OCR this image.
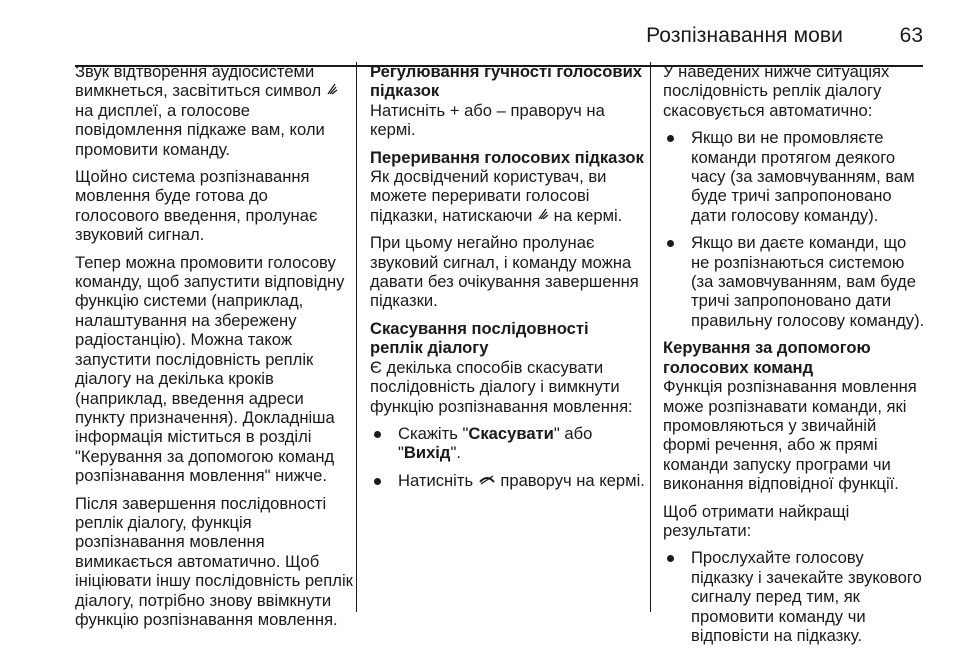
Розпізнавання мови	63

Звук відтворення аудіосистеми вимкнеться, засвітиться символ  на дисплеї, а голосове повідомлення підкаже вам, коли промовити команду.

Щойно система розпізнавання мовлення буде готова до голосового введення, пролунає звуковий сигнал.

Тепер можна промовити голосову команду, щоб запустити відповідну функцію системи (наприклад, налаштування на збережену радіостанцію). Можна також запустити послідовність реплік діалогу на декілька кроків (наприклад, введення адреси пункту призначення). Докладніша інформація міститься в розділі "Керування за допомогою команд розпізнавання мовлення" нижче.

Після завершення послідовності реплік діалогу, функція розпізнавання мовлення вимикається автоматично. Щоб ініціювати іншу послідовність реплік діалогу, потрібно знову ввімкнути функцію розпізнавання мовлення.

Регулювання гучності голосових підказок

Натисніть + або – праворуч на кермі.

Переривання голосових підказок

Як досвідчений користувач, ви можете переривати голосові підказки, натискаючи на кермі.

При цьому негайно пролунає звуковий сигнал, і команду можна давати без очікування завершення підказки.

Скасування послідовності реплік діалогу

Є декілька способів скасувати послідовність діалогу і вимкнути функцію розпізнавання мовлення:

Скажіть "Скасувати" або "Вихід".
Натисніть праворуч на кермі.

У наведених нижче ситуаціях послідовність реплік діалогу скасовується автоматично:

Якщо ви не промовляєте команди протягом деякого часу (за замовчуванням, вам буде тричі запропоновано дати голосову команду).
Якщо ви даєте команди, що не розпізнаються системою (за замовчуванням, вам буде тричі запропоновано дати правильну голосову команду).
Керування за допомогою голосових команд

Функція розпізнавання мовлення може розпізнавати команди, які промовляються у звичайній формі речення, або ж прямі команди запуску програми чи виконання відповідної функції.

Щоб отримати найкращі результати:

Прослухайте голосову підказку і зачекайте звукового сигналу перед тим, як промовити команду чи відповісти на підказку.
